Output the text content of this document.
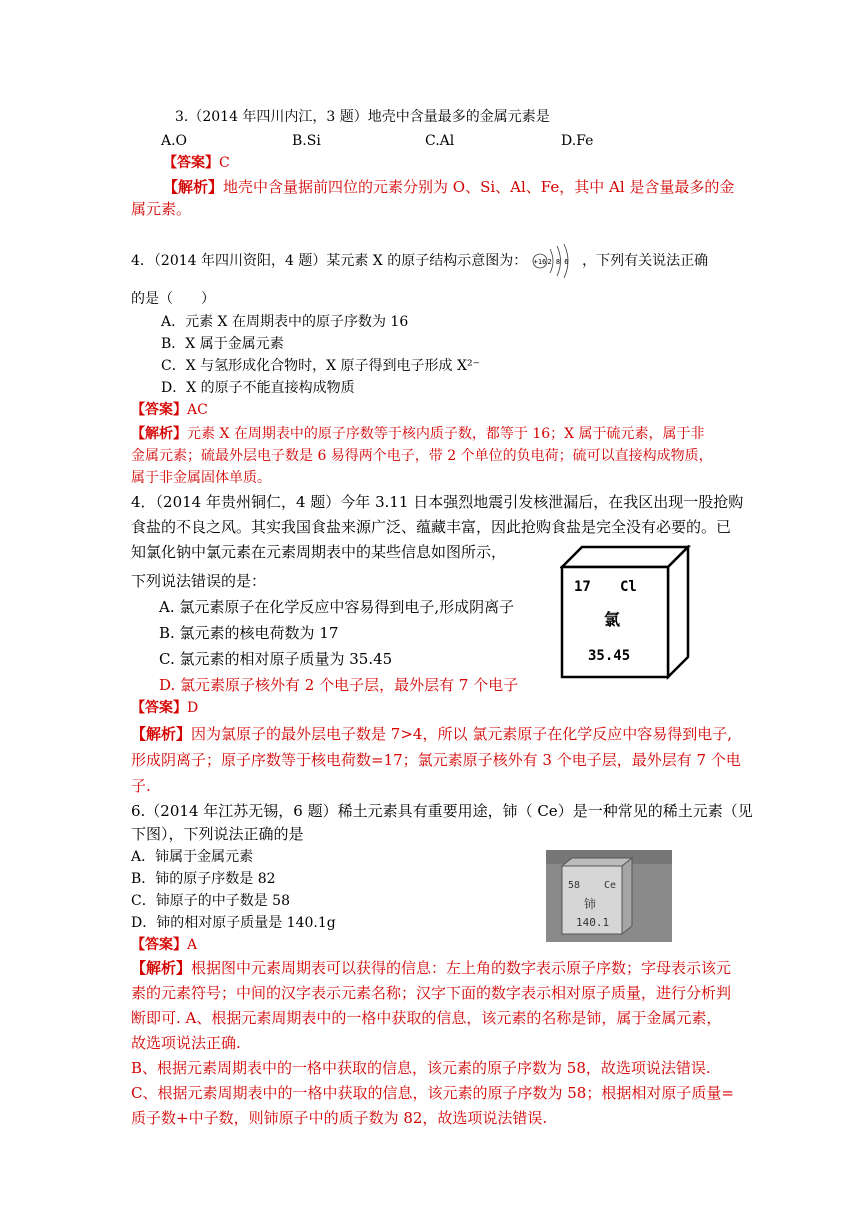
3.（2014 年四川内江，3 题）地壳中含量最多的金属元素是
A.O	B.Si	C.Al	D.Fe
【答案】C
【解析】地壳中含量据前四位的元素分别为 O、Si、Al、Fe，其中 Al 是含量最多的金
属元素。
4．（2014 年四川资阳，4 题）某元素 X 的原子结构示意图为： +16 2 8 6 ，下列有关说法正确
的是（　　）
A．元素 X 在周期表中的原子序数为 16
B．X 属于金属元素
C．X 与氢形成化合物时，X 原子得到电子形成 X²⁻
D．X 的原子不能直接构成物质
【答案】AC
【解析】元素 X 在周期表中的原子序数等于核内质子数，都等于 16；X 属于硫元素，属于非
金属元素；硫最外层电子数是 6 易得两个电子，带 2 个单位的负电荷；硫可以直接构成物质，
属于非金属固体单质。
4．（2014 年贵州铜仁，4 题）今年 3.11 日本强烈地震引发核泄漏后，在我区出现一股抢购
食盐的不良之风。其实我国食盐来源广泛、蕴藏丰富，因此抢购食盐是完全没有必要的。已
知氯化钠中氯元素在元素周期表中的某些信息如图所示，
下列说法错误的是：
A. 氯元素原子在化学反应中容易得到电子,形成阴离子
B. 氯元素的核电荷数为 17
C. 氯元素的相对原子质量为 35.45
D. 氯元素原子核外有 2 个电子层，最外层有 7 个电子
17 Cl
氯
35.45
【答案】D
【解析】因为氯原子的最外层电子数是 7>4，所以 氯元素原子在化学反应中容易得到电子,
形成阴离子；原子序数等于核电荷数=17；氯元素原子核外有 3 个电子层，最外层有 7 个电
子.
6.（2014 年江苏无锡，6 题）稀土元素具有重要用途，铈（ Ce）是一种常见的稀土元素（见
下图），下列说法正确的是
A．铈属于金属元素
B．铈的原子序数是 82
C．铈原子的中子数是 58
D．铈的相对原子质量是 140.1g
58 Ce
铈
140.1
【答案】A
【解析】根据图中元素周期表可以获得的信息：左上角的数字表示原子序数；字母表示该元
素的元素符号；中间的汉字表示元素名称；汉字下面的数字表示相对原子质量，进行分析判
断即可. A、根据元素周期表中的一格中获取的信息，该元素的名称是铈，属于金属元素，
故选项说法正确.
B、根据元素周期表中的一格中获取的信息，该元素的原子序数为 58，故选项说法错误.
C、根据元素周期表中的一格中获取的信息，该元素的原子序数为 58；根据相对原子质量=
质子数+中子数，则铈原子中的质子数为 82，故选项说法错误.
